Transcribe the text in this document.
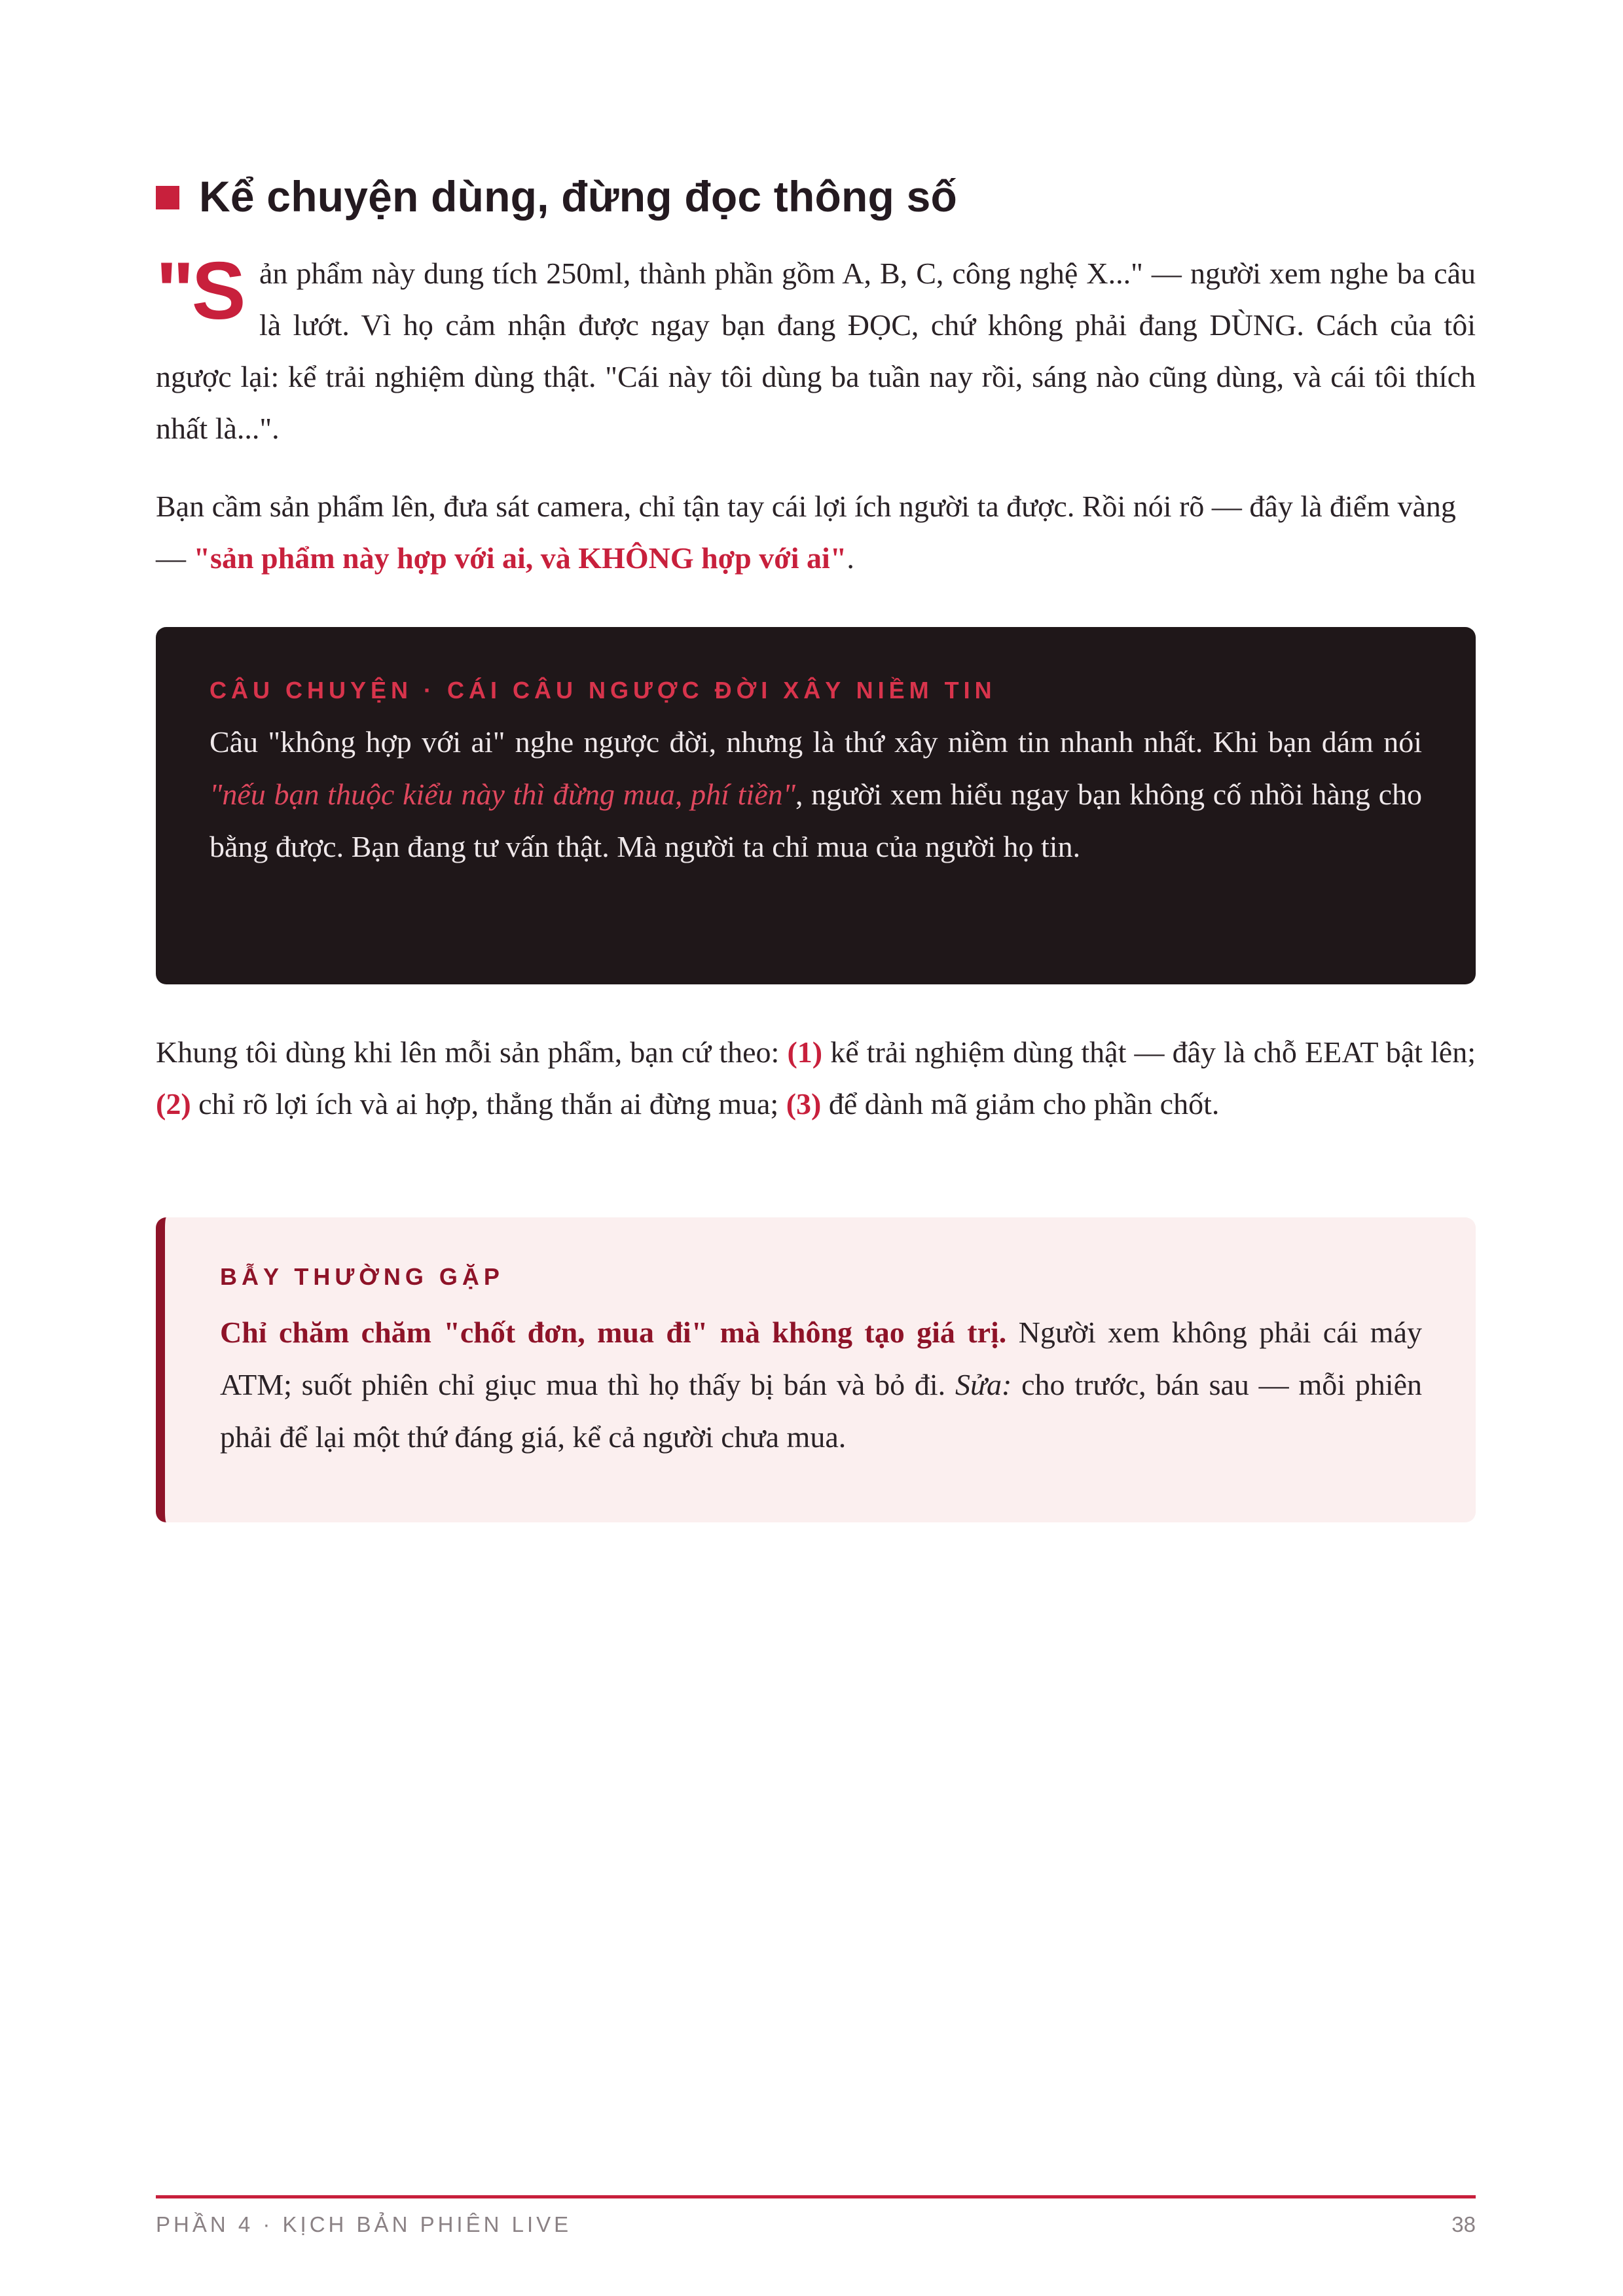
Kể chuyện dùng, đừng đọc thông số
"S ản phẩm này dung tích 250ml, thành phần gồm A, B, C, công nghệ X..." — người xem nghe ba câu là lướt. Vì họ cảm nhận được ngay bạn đang ĐỌC, chứ không phải đang DÙNG. Cách của tôi ngược lại: kể trải nghiệm dùng thật. "Cái này tôi dùng ba tuần nay rồi, sáng nào cũng dùng, và cái tôi thích nhất là...".

Bạn cầm sản phẩm lên, đưa sát camera, chỉ tận tay cái lợi ích người ta được. Rồi nói rõ — đây là điểm vàng — "sản phẩm này hợp với ai, và KHÔNG hợp với ai".

CÂU CHUYỆN · CÁI CÂU NGƯỢC ĐỜI XÂY NIỀM TIN

Câu "không hợp với ai" nghe ngược đời, nhưng là thứ xây niềm tin nhanh nhất. Khi bạn dám nói "nếu bạn thuộc kiểu này thì đừng mua, phí tiền", người xem hiểu ngay bạn không cố nhồi hàng cho bằng được. Bạn đang tư vấn thật. Mà người ta chỉ mua của người họ tin.

Khung tôi dùng khi lên mỗi sản phẩm, bạn cứ theo: (1) kể trải nghiệm dùng thật — đây là chỗ EEAT bật lên; (2) chỉ rõ lợi ích và ai hợp, thẳng thắn ai đừng mua; (3) để dành mã giảm cho phần chốt.

BẪY THƯỜNG GẶP

Chỉ chăm chăm "chốt đơn, mua đi" mà không tạo giá trị. Người xem không phải cái máy ATM; suốt phiên chỉ giục mua thì họ thấy bị bán và bỏ đi. Sửa: cho trước, bán sau — mỗi phiên phải để lại một thứ đáng giá, kể cả người chưa mua.

PHẦN 4 · KỊCH BẢN PHIÊN LIVE	38
